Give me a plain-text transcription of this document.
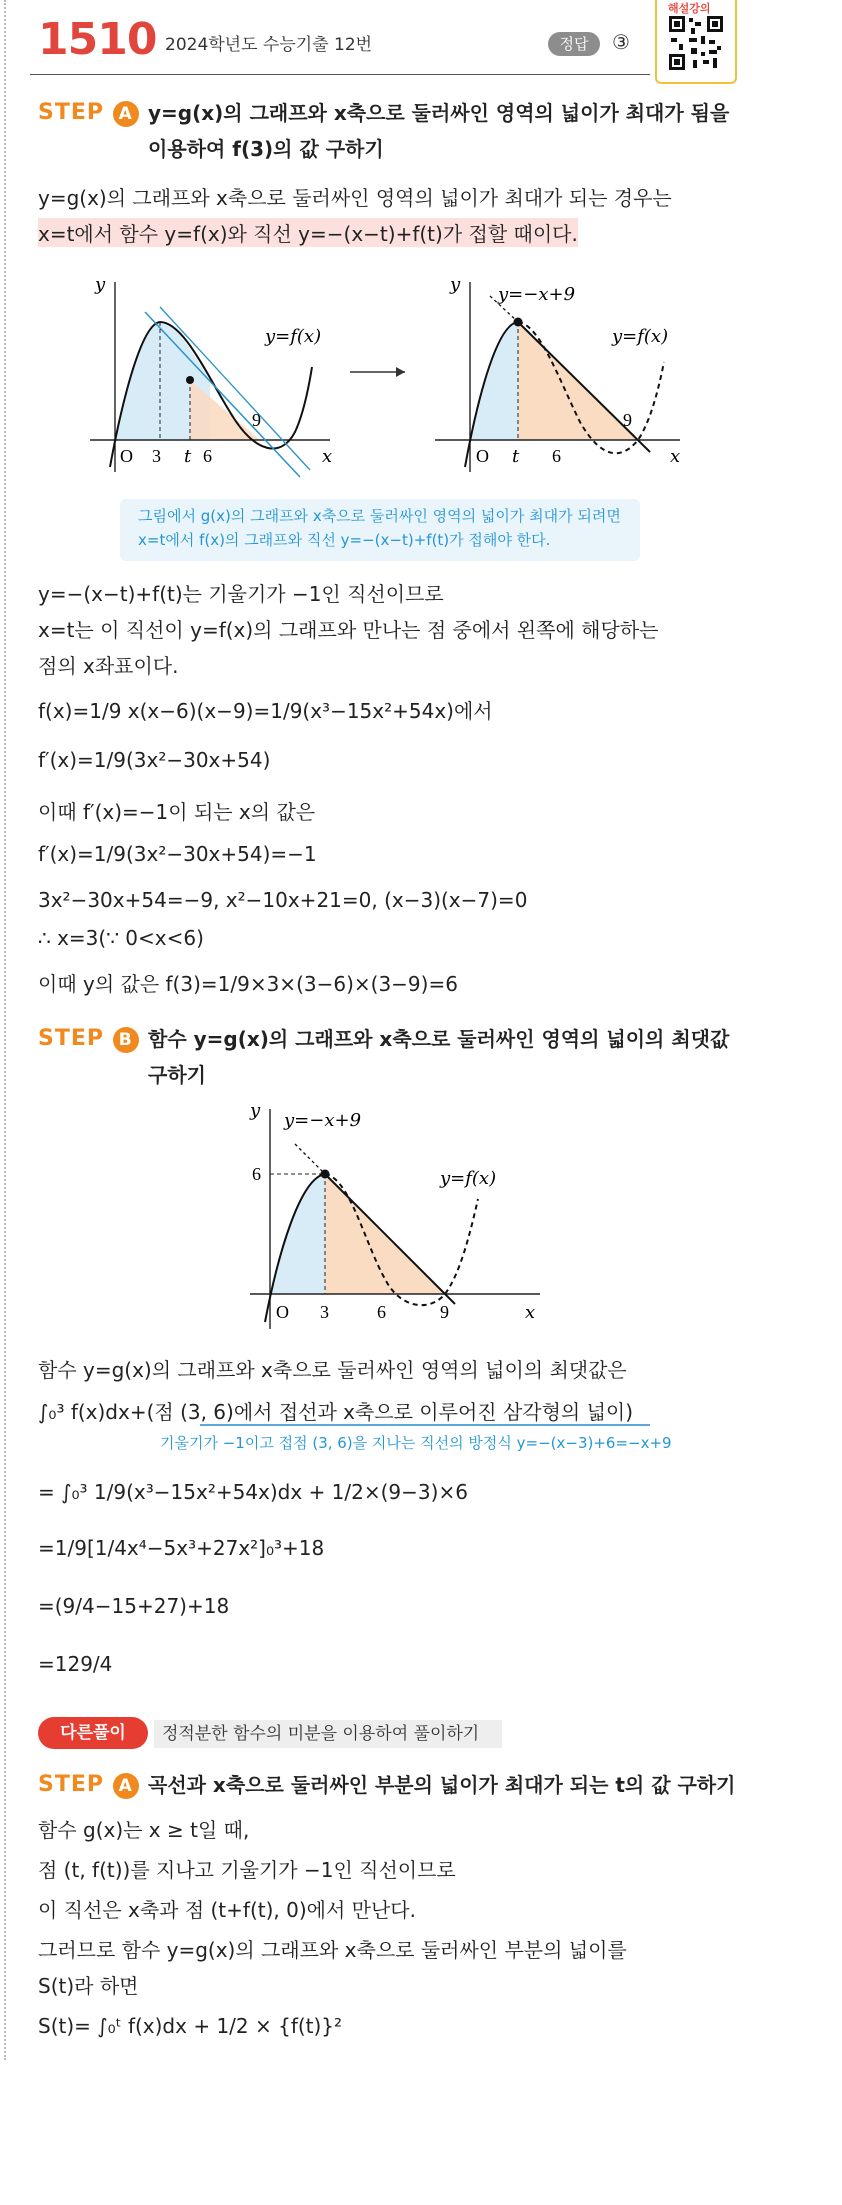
1510 2024학년도 수능기출 12번	정답	③
해설강의
STEP A y=g(x)의 그래프와 x축으로 둘러싸인 영역의 넓이가 최대가 됨을
이용하여 f(3)의 값 구하기
y=g(x)의 그래프와 x축으로 둘러싸인 영역의 넓이가 최대가 되는 경우는
x=t에서 함수 y=f(x)와 직선 y=−(x−t)+f(t)가 접할 때이다.
y
x
O 3 t 6
9
y=f(x)
y
x
O t 6
9
y=f(x)
y=−x+9
그림에서 g(x)의 그래프와 x축으로 둘러싸인 영역의 넓이가 최대가 되려면
x=t에서 f(x)의 그래프와 직선 y=−(x−t)+f(t)가 접해야 한다.
y=−(x−t)+f(t)는 기울기가 −1인 직선이므로
x=t는 이 직선이 y=f(x)의 그래프와 만나는 점 중에서 왼쪽에 해당하는
점의 x좌표이다.
f(x)=1/9 x(x−6)(x−9)=1/9(x³−15x²+54x)에서
f′(x)=1/9(3x²−30x+54)
이때 f′(x)=−1이 되는 x의 값은
f′(x)=1/9(3x²−30x+54)=−1
3x²−30x+54=−9, x²−10x+21=0, (x−3)(x−7)=0
∴ x=3(∵ 0<x<6)
이때 y의 값은 f(3)=1/9×3×(3−6)×(3−9)=6
STEP B 함수 y=g(x)의 그래프와 x축으로 둘러싸인 영역의 넓이의 최댓값
구하기
y
x
O 3	6	9
6	y=f(x)
y=−x+9
함수 y=g(x)의 그래프와 x축으로 둘러싸인 영역의 넓이의 최댓값은
∫₀³ f(x)dx+(점 (3, 6)에서 접선과 x축으로 이루어진 삼각형의 넓이)
기울기가 −1이고 접점 (3, 6)을 지나는 직선의 방정식 y=−(x−3)+6=−x+9
= ∫₀³ 1/9(x³−15x²+54x)dx + 1/2×(9−3)×6
=1/9[1/4x⁴−5x³+27x²]₀³+18
=(9/4−15+27)+18
=129/4
다른풀이	정적분한 함수의 미분을 이용하여 풀이하기
STEP A 곡선과 x축으로 둘러싸인 부분의 넓이가 최대가 되는 t의 값 구하기
함수 g(x)는 x ≥ t일 때,
점 (t, f(t))를 지나고 기울기가 −1인 직선이므로
이 직선은 x축과 점 (t+f(t), 0)에서 만난다.
그러므로 함수 y=g(x)의 그래프와 x축으로 둘러싸인 부분의 넓이를
S(t)라 하면
S(t)= ∫₀ᵗ f(x)dx + 1/2 × {f(t)}²
